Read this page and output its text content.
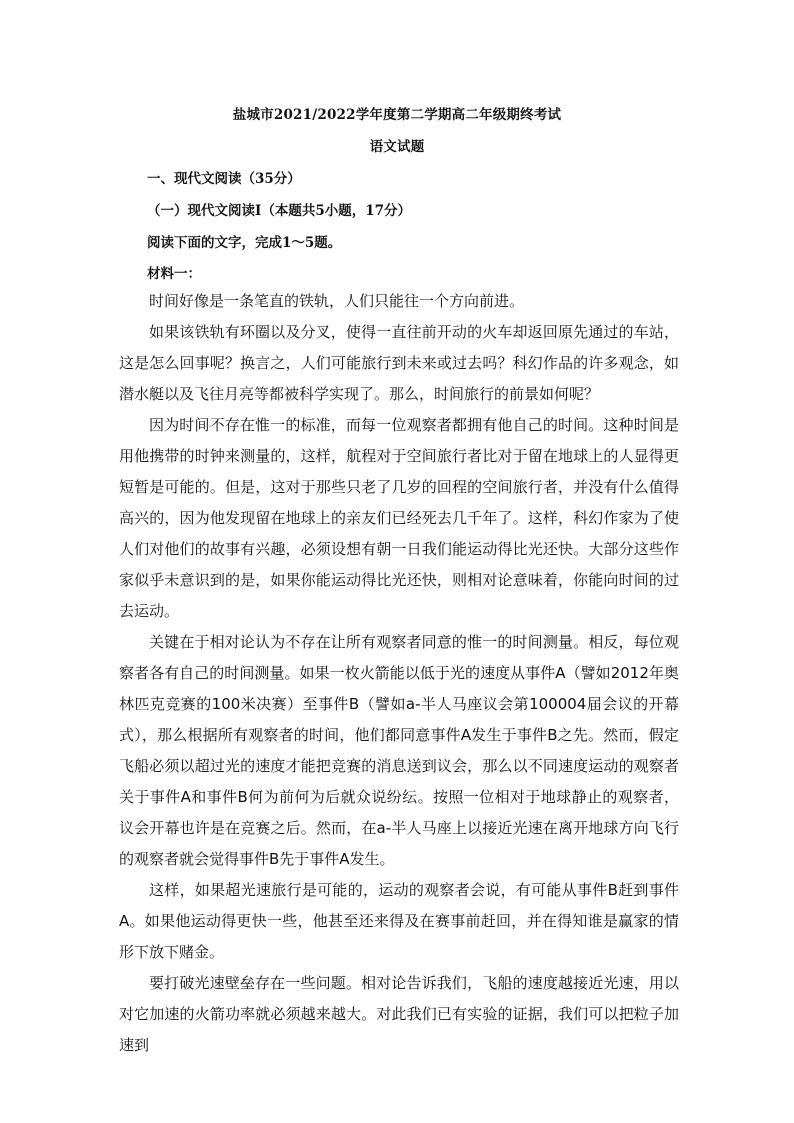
盐城市2021/2022学年度第二学期高二年级期终考试
语文试题
一、现代文阅读（35分）
（一）现代文阅读Ⅰ（本题共5小题，17分）
阅读下面的文字，完成1～5题。
材料一：

时间好像是一条笔直的铁轨，人们只能往一个方向前进。

如果该铁轨有环圈以及分叉，使得一直往前开动的火车却返回原先通过的车站，这是怎么回事呢？换言之，人们可能旅行到未来或过去吗？科幻作品的许多观念，如潜水艇以及飞往月亮等都被科学实现了。那么，时间旅行的前景如何呢？

因为时间不存在惟一的标准，而每一位观察者都拥有他自己的时间。这种时间是用他携带的时钟来测量的，这样，航程对于空间旅行者比对于留在地球上的人显得更短暂是可能的。但是，这对于那些只老了几岁的回程的空间旅行者，并没有什么值得高兴的，因为他发现留在地球上的亲友们已经死去几千年了。这样，科幻作家为了使人们对他们的故事有兴趣，必须设想有朝一日我们能运动得比光还快。大部分这些作家似乎未意识到的是，如果你能运动得比光还快，则相对论意味着，你能向时间的过去运动。

关键在于相对论认为不存在让所有观察者同意的惟一的时间测量。相反，每位观察者各有自己的时间测量。如果一枚火箭能以低于光的速度从事件A（譬如2012年奥林匹克竞赛的100米决赛）至事件B（譬如a-半人马座议会第100004届会议的开幕式），那么根据所有观察者的时间，他们都同意事件A发生于事件B之先。然而，假定飞船必须以超过光的速度才能把竞赛的消息送到议会，那么以不同速度运动的观察者关于事件A和事件B何为前何为后就众说纷纭。按照一位相对于地球静止的观察者，议会开幕也许是在竞赛之后。然而，在a-半人马座上以接近光速在离开地球方向飞行的观察者就会觉得事件B先于事件A发生。

这样，如果超光速旅行是可能的，运动的观察者会说，有可能从事件B赶到事件A。如果他运动得更快一些，他甚至还来得及在赛事前赶回，并在得知谁是赢家的情形下放下赌金。

要打破光速壁垒存在一些问题。相对论告诉我们，飞船的速度越接近光速，用以对它加速的火箭功率就必须越来越大。对此我们已有实验的证据，我们可以把粒子加速到
